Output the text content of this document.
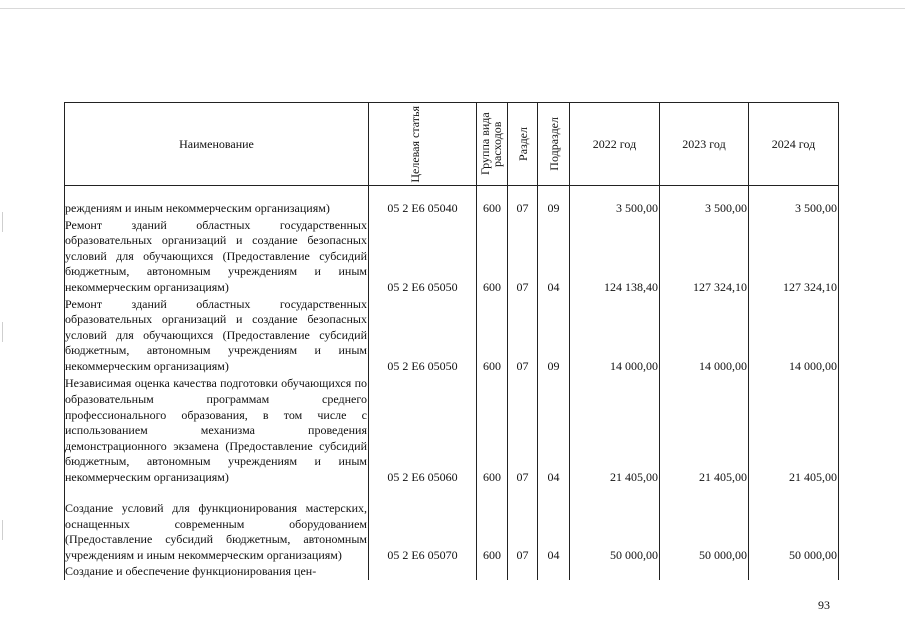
Наименование	Целевая статья	Группа вида расходов	Раздел	Подраздел	2022 год	2023 год	2024 год
реждениям и иным некоммерческим организациям)	05 2 Е6 05040	600	07	09	3 500,00	3 500,00	3 500,00
Ремонт зданий областных государственных образовательных организаций и создание безопасных условий для обучающихся (Предоставление субсидий бюджетным, автономным учреждениям и иным некоммерческим организациям)	05 2 Е6 05050	600	07	04	124 138,40	127 324,10	127 324,10
Ремонт зданий областных государственных образовательных организаций и создание безопасных условий для обучающихся (Предоставление субсидий бюджетным, автономным учреждениям и иным некоммерческим организациям)	05 2 Е6 05050	600	07	09	14 000,00	14 000,00	14 000,00
Независимая оценка качества подготовки обучающихся по образовательным программам среднего профессионального образования, в том числе с использованием механизма проведения демонстрационного экзамена (Предоставление субсидий бюджетным, автономным учреждениям и иным некоммерческим организациям)	05 2 Е6 05060	600	07	04	21 405,00	21 405,00	21 405,00
Создание условий для функционирования мастерских, оснащенных современным оборудованием (Предоставление субсидий бюджетным, автономным учреждениям и иным некоммерческим организациям)	05 2 Е6 05070	600	07	04	50 000,00	50 000,00	50 000,00
Создание и обеспечение функционирования цен-							
93
